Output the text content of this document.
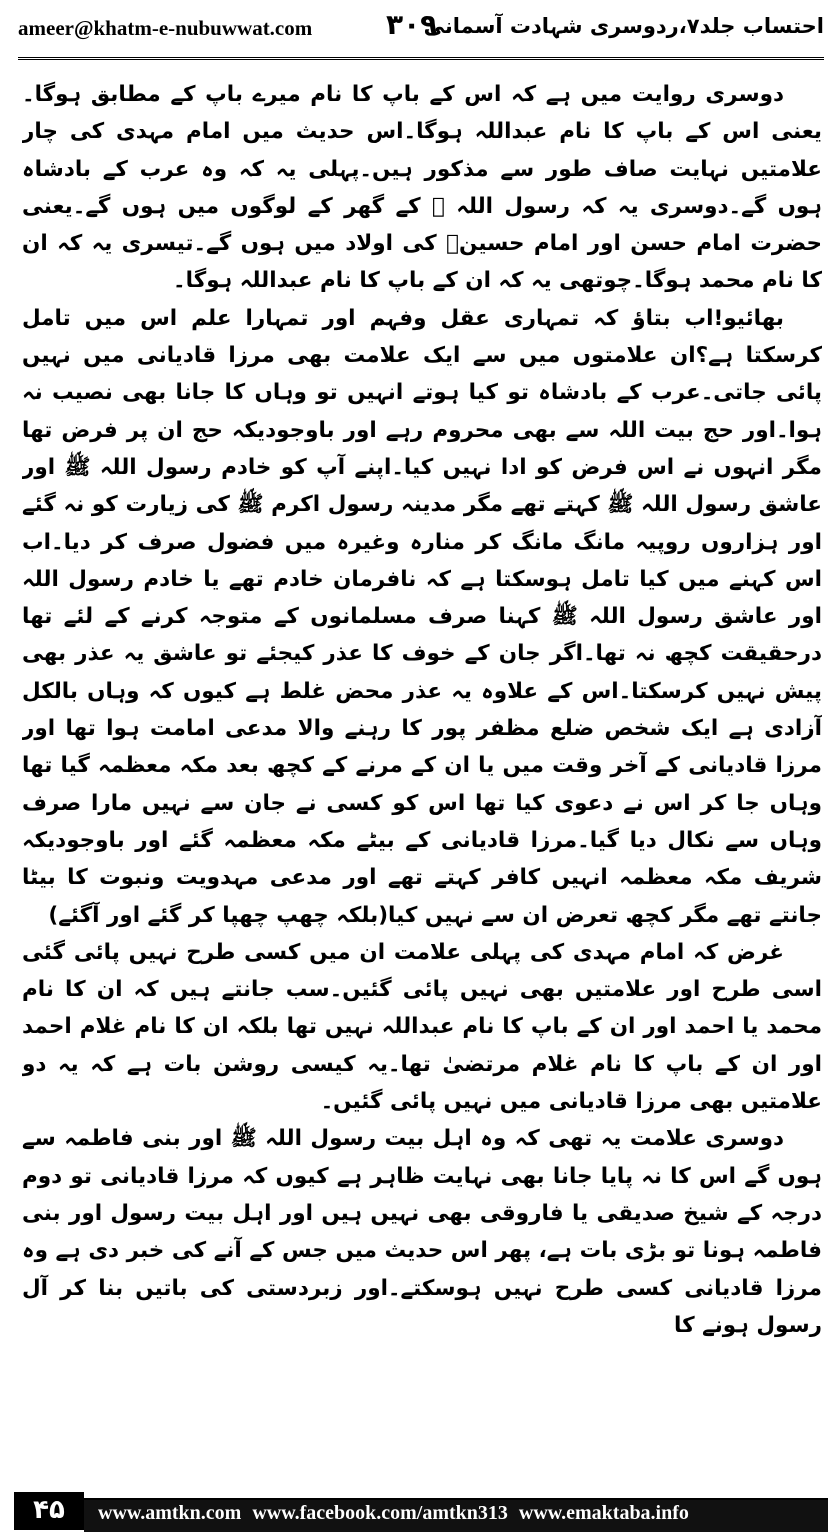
ameer@khatm-e-nubuwwat.com	۳۰۹
احتساب جلد۷،ردوسری شہادت آسمانی

دوسری روایت میں ہے کہ اس کے باپ کا نام میرے باپ کے مطابق ہوگا۔یعنی اس کے باپ کا نام عبداللہ ہوگا۔اس حدیث میں امام مہدی کی چار علامتیں نہایت صاف طور سے مذکور ہیں۔پہلی یہ کہ وہ عرب کے بادشاہ ہوں گے۔دوسری یہ کہ رسول اللہ ﷺ کے گھر کے لوگوں میں ہوں گے۔یعنی حضرت امام حسن اور امام حسینؓ کی اولاد میں ہوں گے۔تیسری یہ کہ ان کا نام محمد ہوگا۔چوتھی یہ کہ ان کے باپ کا نام عبداللہ ہوگا۔

بھائیو!اب بتاؤ کہ تمہاری عقل وفہم اور تمہارا علم اس میں تامل کرسکتا ہے؟ان علامتوں میں سے ایک علامت بھی مرزا قادیانی میں نہیں پائی جاتی۔عرب کے بادشاہ تو کیا ہوتے انہیں تو وہاں کا جانا بھی نصیب نہ ہوا۔اور حج بیت اللہ سے بھی محروم رہے اور باوجودیکہ حج ان پر فرض تھا مگر انہوں نے اس فرض کو ادا نہیں کیا۔اپنے آپ کو خادم رسول اللہ ﷺ اور عاشق رسول اللہ ﷺ کہتے تھے مگر مدینہ رسول اکرم ﷺ کی زیارت کو نہ گئے اور ہزاروں روپیہ مانگ مانگ کر منارہ وغیرہ میں فضول صرف کر دیا۔اب اس کہنے میں کیا تامل ہوسکتا ہے کہ نافرمان خادم تھے یا خادم رسول اللہ اور عاشق رسول اللہ ﷺ کہنا صرف مسلمانوں کے متوجہ کرنے کے لئے تھا درحقیقت کچھ نہ تھا۔اگر جان کے خوف کا عذر کیجئے تو عاشق یہ عذر بھی پیش نہیں کرسکتا۔اس کے علاوہ یہ عذر محض غلط ہے کیوں کہ وہاں بالکل آزادی ہے ایک شخص ضلع مظفر پور کا رہنے والا مدعی امامت ہوا تھا اور مرزا قادیانی کے آخر وقت میں یا ان کے مرنے کے کچھ بعد مکہ معظمہ گیا تھا وہاں جا کر اس نے دعوی کیا تھا اس کو کسی نے جان سے نہیں مارا صرف وہاں سے نکال دیا گیا۔مرزا قادیانی کے بیٹے مکہ معظمہ گئے اور باوجودیکہ شریف مکہ معظمہ انہیں کافر کہتے تھے اور مدعی مہدویت ونبوت کا بیٹا جانتے تھے مگر کچھ تعرض ان سے نہیں کیا(بلکہ چھپ چھپا کر گئے اور آگئے)

غرض کہ امام مہدی کی پہلی علامت ان میں کسی طرح نہیں پائی گئی اسی طرح اور علامتیں بھی نہیں پائی گئیں۔سب جانتے ہیں کہ ان کا نام محمد یا احمد اور ان کے باپ کا نام عبداللہ نہیں تھا بلکہ ان کا نام غلام احمد اور ان کے باپ کا نام غلام مرتضیٰ تھا۔یہ کیسی روشن بات ہے کہ یہ دو علامتیں بھی مرزا قادیانی میں نہیں پائی گئیں۔

دوسری علامت یہ تھی کہ وہ اہل بیت رسول اللہ ﷺ اور بنی فاطمہ سے ہوں گے اس کا نہ پایا جانا بھی نہایت ظاہر ہے کیوں کہ مرزا قادیانی تو دوم درجہ کے شیخ صدیقی یا فاروقی بھی نہیں ہیں اور اہل بیت رسول اور بنی فاطمہ ہونا تو بڑی بات ہے، پھر اس حدیث میں جس کے آنے کی خبر دی ہے وہ مرزا قادیانی کسی طرح نہیں ہوسکتے۔اور زبردستی کی باتیں بنا کر آل رسول ہونے کا

۴۵	www.amtkn.com www.facebook.com/amtkn313 www.emaktaba.info
